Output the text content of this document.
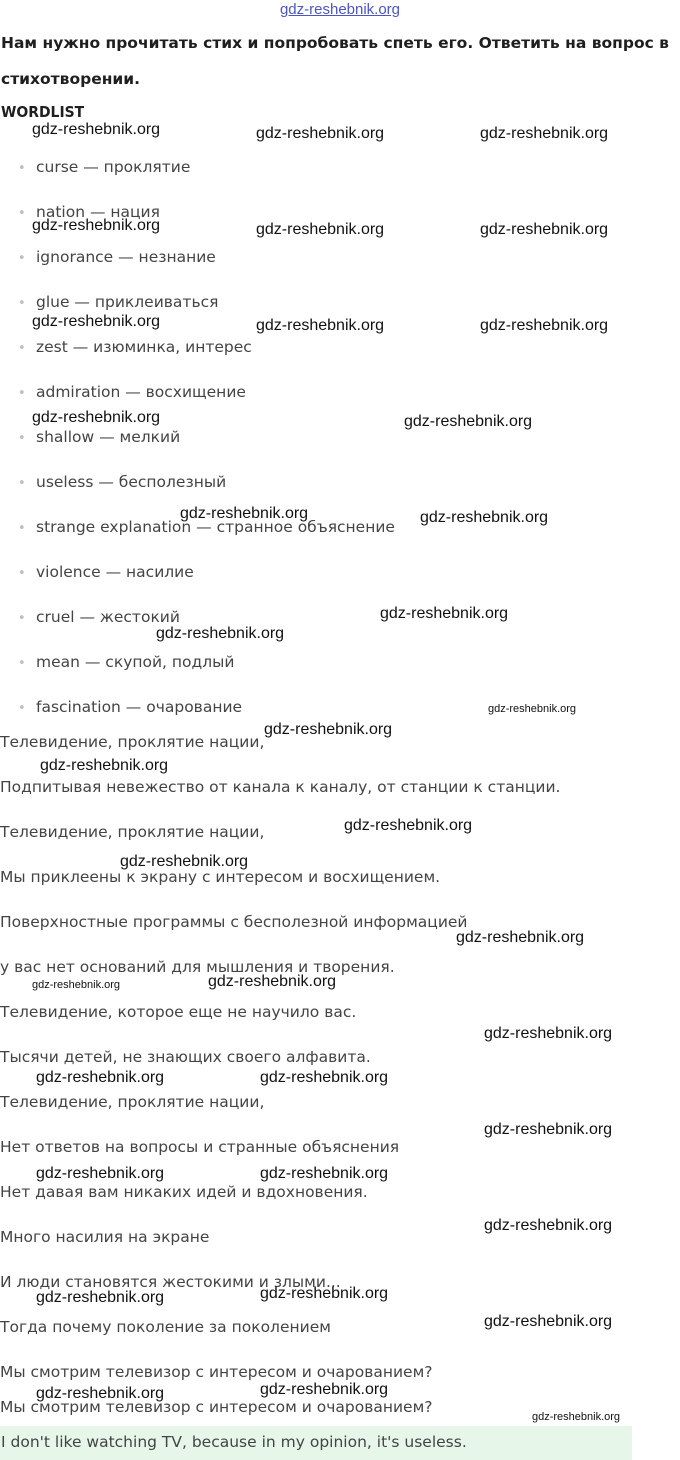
gdz-reshebnik.org
Нам нужно прочитать стих и попробовать спеть его. Ответить на вопрос в
стихотворении.
WORDLIST
• curse — проклятие
• nation — нация
• ignorance — незнание
• glue — приклеиваться
• zest — изюминка, интерес
• admiration — восхищение
• shallow — мелкий
• useless — бесполезный
• strange explanation — странное объяснение
• violence — насилие
• cruel — жестокий
• mean — скупой, подлый
• fascination — очарование
Телевидение, проклятие нации,
Подпитывая невежество от канала к каналу, от станции к станции.
Телевидение, проклятие нации,
Мы приклеены к экрану с интересом и восхищением.
Поверхностные программы с бесполезной информацией
у вас нет оснований для мышления и творения.
Телевидение, которое еще не научило вас.
Тысячи детей, не знающих своего алфавита.
Телевидение, проклятие нации,
Нет ответов на вопросы и странные объяснения
Нет давая вам никаких идей и вдохновения.
Много насилия на экране
И люди становятся жестокими и злыми...
Тогда почему поколение за поколением
Мы смотрим телевизор с интересом и очарованием?
Мы смотрим телевизор с интересом и очарованием?
I don't like watching TV, because in my opinion, it's useless.
gdz-reshebnik.org	gdz-reshebnik.org	gdz-reshebnik.org
gdz-reshebnik.org	gdz-reshebnik.org	gdz-reshebnik.org
gdz-reshebnik.org	gdz-reshebnik.org	gdz-reshebnik.org
gdz-reshebnik.org	gdz-reshebnik.org
gdz-reshebnik.org	gdz-reshebnik.org
gdz-reshebnik.org
gdz-reshebnik.org
gdz-reshebnik.org
gdz-reshebnik.org
gdz-reshebnik.org
gdz-reshebnik.org
gdz-reshebnik.org
gdz-reshebnik.org
gdz-reshebnik.org	gdz-reshebnik.org
gdz-reshebnik.org
gdz-reshebnik.org	gdz-reshebnik.org
gdz-reshebnik.org
gdz-reshebnik.org	gdz-reshebnik.org
gdz-reshebnik.org
gdz-reshebnik.org	gdz-reshebnik.org
gdz-reshebnik.org
gdz-reshebnik.org	gdz-reshebnik.org
gdz-reshebnik.org
